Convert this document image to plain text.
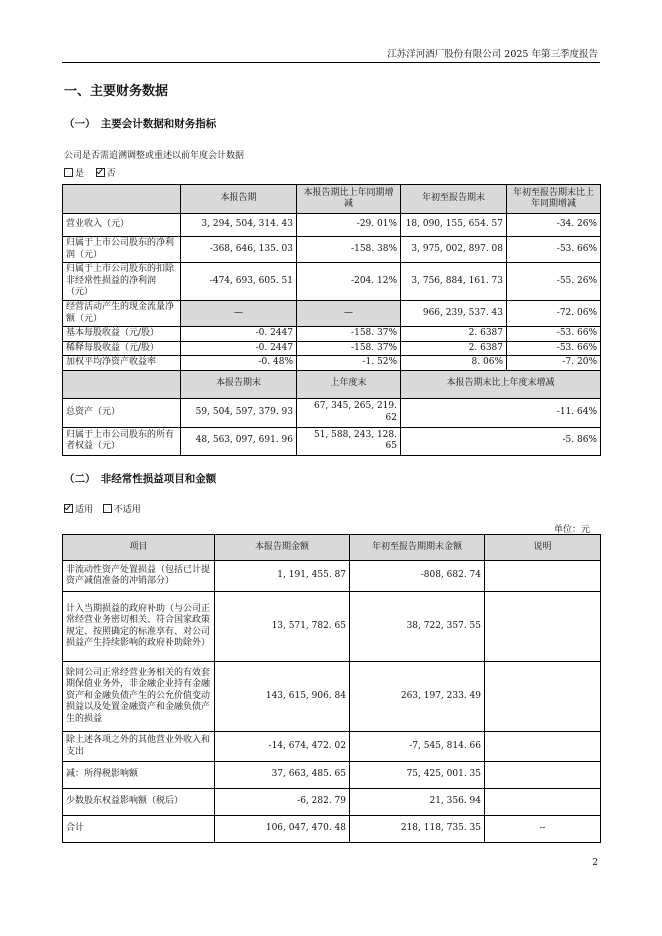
江苏洋河酒厂股份有限公司 2025 年第三季度报告
一、主要财务数据
（一）　主要会计数据和财务指标
公司是否需追溯调整或重述以前年度会计数据
是	否
	本报告期	本报告期比上年同期增减	年初至报告期末	年初至报告期末比上年同期增减
营业收入（元）	3, 294, 504, 314. 43	-29. 01%	18, 090, 155, 654. 57	-34. 26%
归属于上市公司股东的净利润（元）	-368, 646, 135. 03	-158. 38%	3, 975, 002, 897. 08	-53. 66%
归属于上市公司股东的扣除非经常性损益的净利润（元）	-474, 693, 605. 51	-204. 12%	3, 756, 884, 161. 73	-55. 26%
经营活动产生的现金流量净额（元）	—	—	966, 239, 537. 43	-72. 06%
基本每股收益（元/股）	-0. 2447	-158. 37%	2. 6387	-53. 66%
稀释每股收益（元/股）	-0. 2447	-158. 37%	2. 6387	-53. 66%
加权平均净资产收益率	-0. 48%	-1. 52%	8. 06%	-7. 20%
	本报告期末	上年度末	本报告期末比上年度末增减	
总资产（元）	59, 504, 597, 379. 93	67, 345, 265, 219. 62	-11. 64%	
归属于上市公司股东的所有者权益（元）	48, 563, 097, 691. 96	51, 588, 243, 128. 65	-5. 86%	
（二）　非经常性损益项目和金额
适用 不适用
单位：元
项目	本报告期金额	年初至报告期期末金额	说明
非流动性资产处置损益（包括已计提资产减值准备的冲销部分）	1, 191, 455. 87	-808, 682. 74	
计入当期损益的政府补助（与公司正常经营业务密切相关、符合国家政策规定、按照确定的标准享有、对公司损益产生持续影响的政府补助除外）	13, 571, 782. 65	38, 722, 357. 55	
除同公司正常经营业务相关的有效套期保值业务外，非金融企业持有金融资产和金融负债产生的公允价值变动损益以及处置金融资产和金融负债产生的损益	143, 615, 906. 84	263, 197, 233. 49	
除上述各项之外的其他营业外收入和支出	-14, 674, 472. 02	-7, 545, 814. 66	
减：所得税影响额	37, 663, 485. 65	75, 425, 001. 35	
少数股东权益影响额（税后）	-6, 282. 79	21, 356. 94	
合计	106, 047, 470. 48	218, 118, 735. 35	--
2
